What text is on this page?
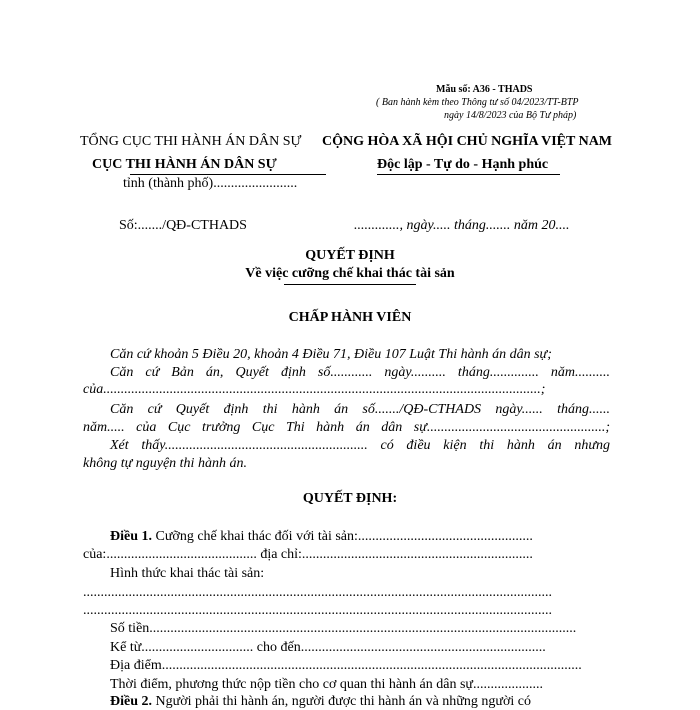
Mẫu số: A36 - THADS
( Ban hành kèm theo Thông tư số 04/2023/TT-BTP
ngày 14/8/2023 của Bộ Tư pháp)
TỔNG CỤC THI HÀNH ÁN DÂN SỰ
CỤC THI HÀNH ÁN DÂN SỰ
tỉnh (thành phố)........................
CỘNG HÒA XÃ HỘI CHỦ NGHĨA VIỆT NAM
Độc lập - Tự do - Hạnh phúc
Số:......./QĐ-CTHADS	............., ngày..... tháng....... năm 20....
QUYẾT ĐỊNH
Về việc cưỡng chế khai thác tài sản
CHẤP HÀNH VIÊN
Căn cứ khoản 5 Điều 20, khoản 4 Điều 71, Điều 107 Luật Thi hành án dân sự;
Căn cứ Bản án, Quyết định số............ ngày.......... tháng.............. năm..........
của.............................................................................................................................;
Căn cứ Quyết định thi hành án số......./QĐ-CTHADS ngày...... tháng......
năm..... của Cục trưởng Cục Thi hành án dân sự...................................................;
Xét thấy.......................................................... có điều kiện thi hành án nhưng
không tự nguyện thi hành án.
QUYẾT ĐỊNH:
Điều 1. Cưỡng chế khai thác đối với tài sản:..................................................
của:........................................... địa chỉ:..................................................................
Hình thức khai thác tài sản:
......................................................................................................................................
......................................................................................................................................
Số tiền..........................................................................................................................
Kể từ................................ cho đến......................................................................
Địa điểm........................................................................................................................
Thời điểm, phương thức nộp tiền cho cơ quan thi hành án dân sự....................
Điều 2. Người phải thi hành án, người được thi hành án và những người có
